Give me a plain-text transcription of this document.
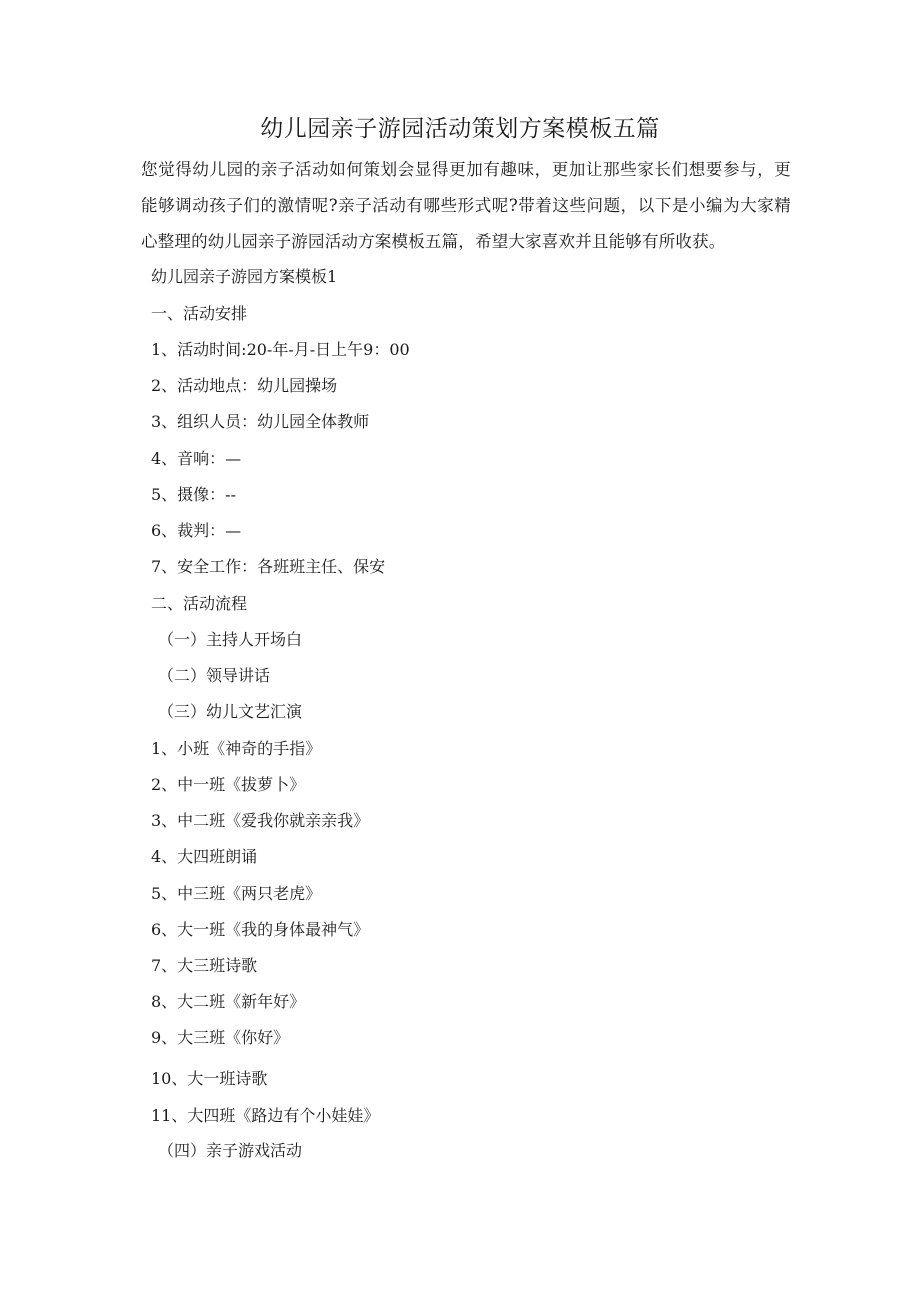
幼儿园亲子游园活动策划方案模板五篇

您觉得幼儿园的亲子活动如何策划会显得更加有趣味，更加让那些家长们想要参与，更能够调动孩子们的激情呢?亲子活动有哪些形式呢?带着这些问题，以下是小编为大家精心整理的幼儿园亲子游园活动方案模板五篇，希望大家喜欢并且能够有所收获。

幼儿园亲子游园方案模板1

一、活动安排

1、活动时间:20-年-月-日上午9：00

2、活动地点：幼儿园操场

3、组织人员：幼儿园全体教师

4、音响：—

5、摄像：--

6、裁判：—

7、安全工作：各班班主任、保安

二、活动流程

（一）主持人开场白

（二）领导讲话

（三）幼儿文艺汇演

1、小班《神奇的手指》

2、中一班《拔萝卜》

3、中二班《爱我你就亲亲我》

4、大四班朗诵

5、中三班《两只老虎》

6、大一班《我的身体最神气》

7、大三班诗歌

8、大二班《新年好》

9、大三班《你好》

10、大一班诗歌

11、大四班《路边有个小娃娃》

（四）亲子游戏活动
